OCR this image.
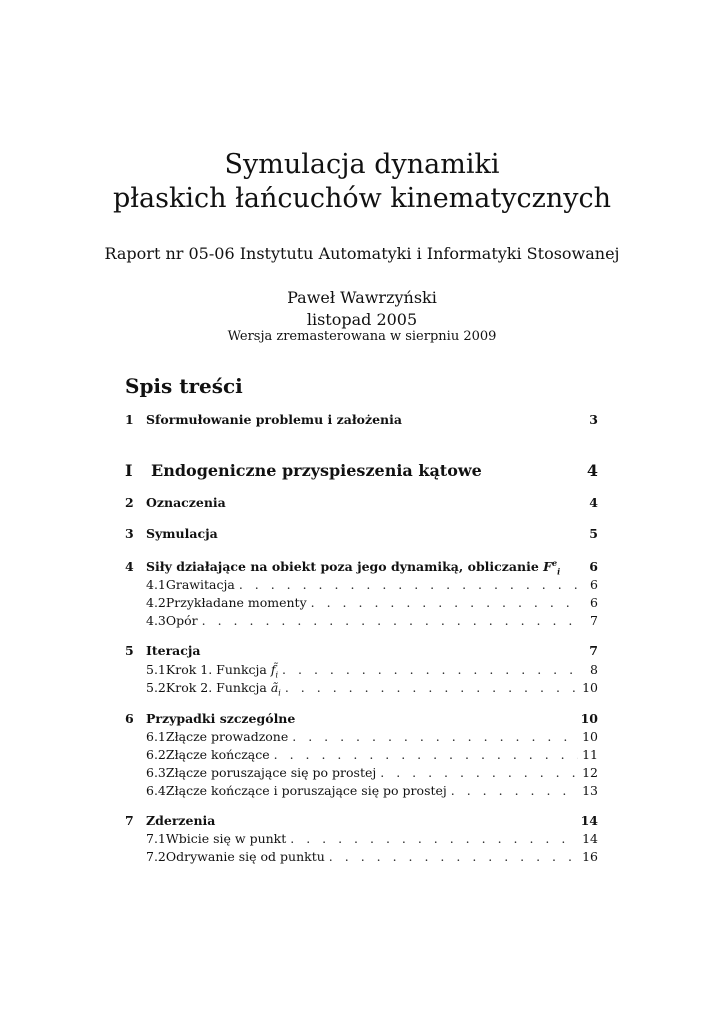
Symulacja dynamiki

płaskich łańcuchów kinematycznych

Raport nr 05-06 Instytutu Automatyki i Informatyki Stosowanej
Paweł Wawrzyński
listopad 2005
Wersja zremasterowana w sierpniu 2009
Spis treści
1 Sformułowanie problemu i założenia	3
I	Endogeniczne przyspieszenia kątowe	4
2 Oznaczenia	4
3 Symulacja	5
4 Siły działające na obiekt poza jego dynamiką, obliczanie $F^e_i$	6
4.1 Grawitacja . . .	6
4.2 Przykładane momenty . . .	6
4.3 Opór . . .	7
5 Iteracja	7
5.1 Krok 1. Funkcja $f̃_i$ . . .	8
5.2 Krok 2. Funkcja $ã_i$ . . .	10
6 Przypadki szczególne	10
6.1 Złącze prowadzone . . .	10
6.2 Złącze kończące . . .	11
6.3 Złącze poruszające się po prostej . . .	12
6.4 Złącze kończące i poruszające się po prostej . . .	13
7 Zderzenia	14
7.1 Wbicie się w punkt . . .	14
7.2 Odrywanie się od punktu . . .	16
